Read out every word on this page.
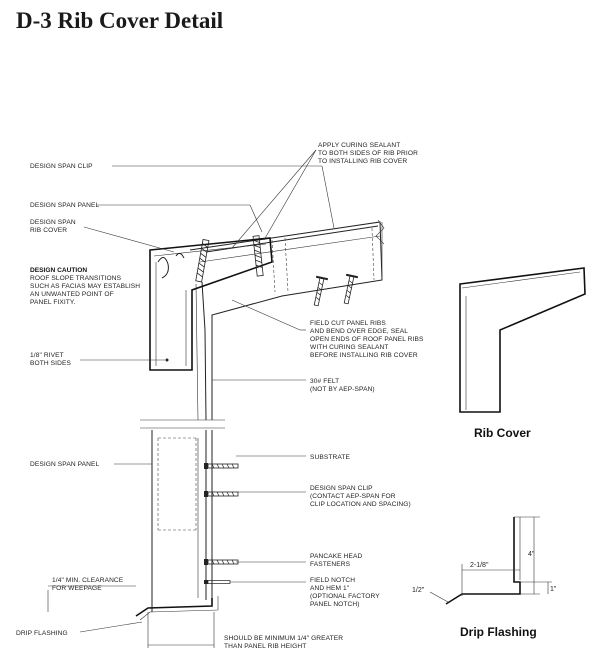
D-3 Rib Cover Detail
APPLY CURING SEALANT
TO BOTH SIDES OF RIB PRIOR
TO INSTALLING RIB COVER
DESIGN SPAN CLIP
DESIGN SPAN PANEL
DESIGN SPAN
RIB COVER
DESIGN CAUTION
ROOF SLOPE TRANSITIONS
SUCH AS FACIAS MAY ESTABLISH
AN UNWANTED POINT OF
PANEL FIXITY.
FIELD CUT PANEL RIBS
AND BEND OVER EDGE, SEAL
OPEN ENDS OF ROOF PANEL RIBS
WITH CURING SEALANT
BEFORE INSTALLING RIB COVER
1/8" RIVET
BOTH SIDES
30# FELT
(NOT BY AEP-SPAN)
SUBSTRATE
DESIGN SPAN PANEL
DESIGN SPAN CLIP
(CONTACT AEP-SPAN FOR
CLIP LOCATION AND SPACING)
PANCAKE HEAD
FASTENERS
FIELD NOTCH
AND HEM 1"
(OPTIONAL FACTORY
PANEL NOTCH)
1/4" MIN. CLEARANCE
FOR WEEPAGE
DRIP FLASHING
SHOULD BE MINIMUM 1/4" GREATER
THAN PANEL RIB HEIGHT
Rib Cover
4"
2-1/8"
1"
1/2"
Drip Flashing
